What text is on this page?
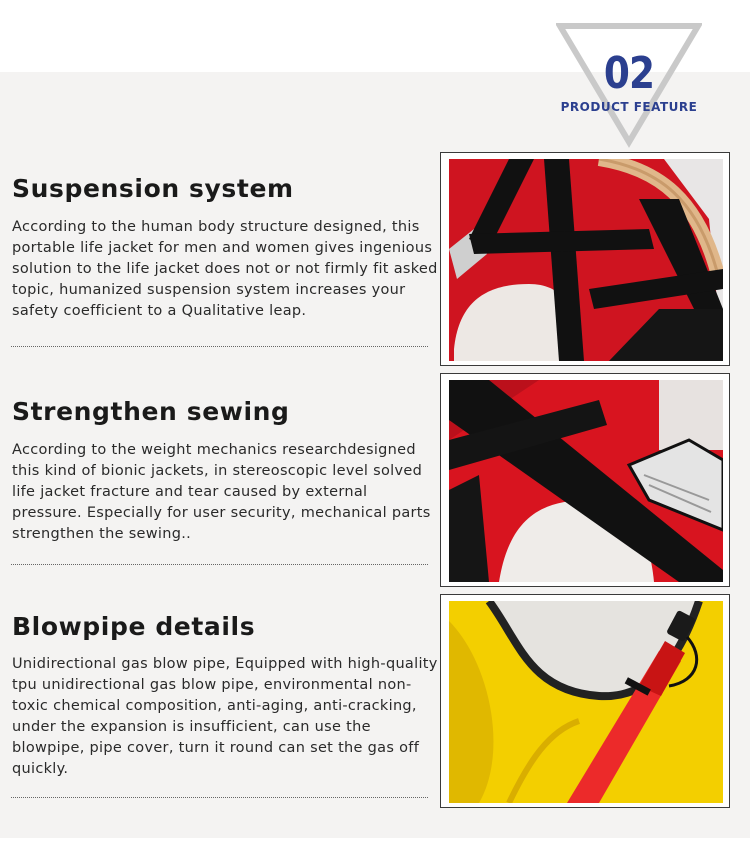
02
PRODUCT FEATURE
Suspension system

According to the human body structure designed, this portable life jacket for men and women gives ingenious solution to the life jacket does not or not firmly fit asked topic, humanized suspension system increases your safety coefficient to a Qualitative leap.

Strengthen sewing

According to the weight mechanics researchdesigned this kind of bionic jackets, in stereoscopic level solved life jacket fracture and tear caused by external pressure. Especially for user security, mechanical parts strengthen the sewing..

Blowpipe details

Unidirectional gas blow pipe, Equipped with high-quality tpu unidirectional gas blow pipe, environmental non-toxic chemical composition, anti-aging, anti-cracking, under the expansion is insufficient, can use the blowpipe, pipe cover, turn it round can set the gas off quickly.
